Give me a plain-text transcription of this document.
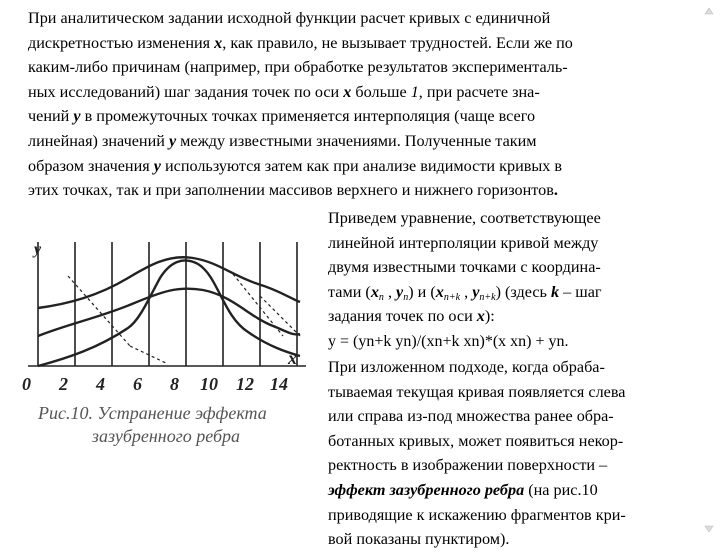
При аналитическом задании исходной функции расчет кривых с единичной
дискретностью изменения x, как правило, не вызывает трудностей. Если же по
каким-либо причинам (например, при обработке результатов эксперименталь-
ных исследований) шаг задания точек по оси x больше 1, при расчете зна-
чений y в промежуточных точках применяется интерполяция (чаще всего
линейная) значений y между известными значениями. Полученные таким
образом значения y используются затем как при анализе видимости кривых в
этих точках, так и при заполнении массивов верхнего и нижнего горизонтов.
y
x
0 2 4 6 8 10 12 14
Рис.10. Устранение эффекта
зазубренного ребра
Приведем уравнение, соответствующее
линейной интерполяции кривой между
двумя известными точками с координа-
тами ($x_n$ , $y_n$) и ($x_{n+k}$ , $y_{n+k}$) (здесь k – шаг
задания точек по оси x):
y = (yn+k yn)/(xn+k xn)*(x xn) + yn.
При изложенном подходе, когда обраба-
тываемая текущая кривая появляется слева
или справа из-под множества ранее обра-
ботанных кривых, может появиться некор-
ректность в изображении поверхности –
эффект зазубренного ребра (на рис.10
приводящие к искажению фрагментов кри-
вой показаны пунктиром).
